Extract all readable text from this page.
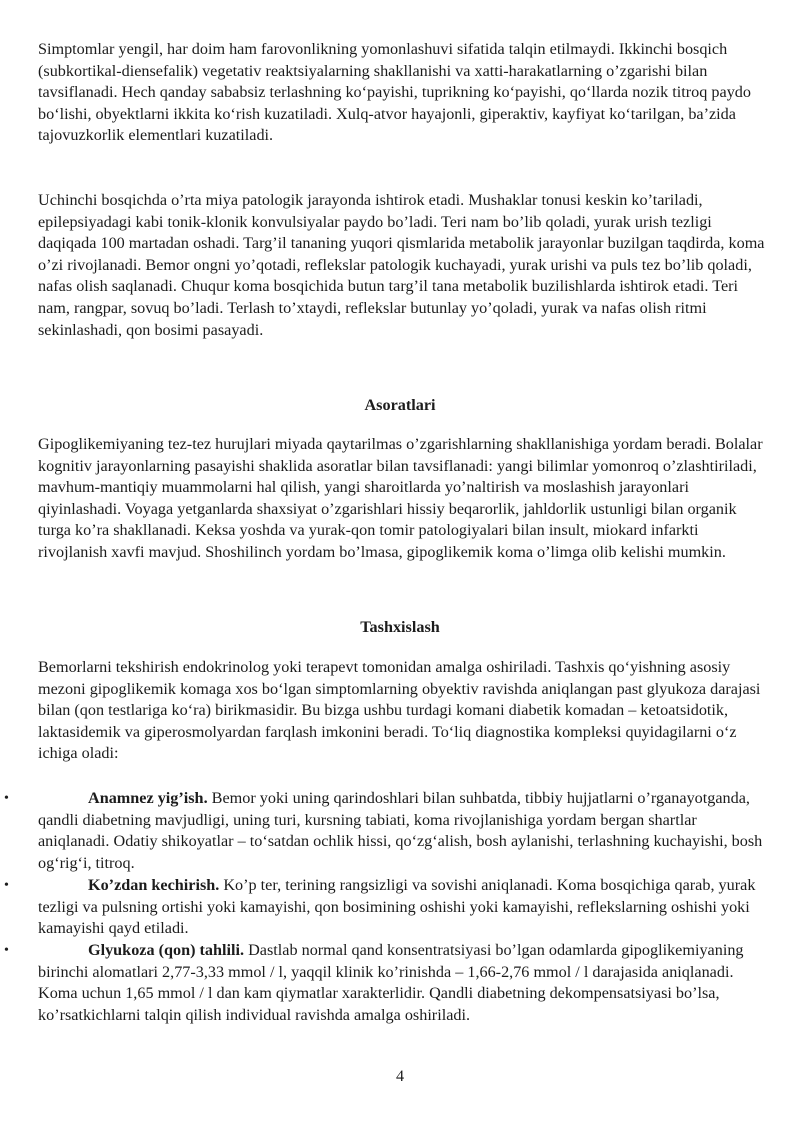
Simptomlar yengil, har doim ham farovonlikning yomonlashuvi sifatida talqin etilmaydi. Ikkinchi bosqich (subkortikal-diensefalik) vegetativ reaktsiyalarning shakllanishi va xatti-harakatlarning o’zgarishi bilan tavsiflanadi. Hech qanday sababsiz terlashning koʻpayishi, tuprikning koʻpayishi, qoʻllarda nozik titroq paydo boʻlishi, obyektlarni ikkita koʻrish kuzatiladi. Xulq-atvor hayajonli, giperaktiv, kayfiyat koʻtarilgan, baʼzida tajovuzkorlik elementlari kuzatiladi.

Uchinchi bosqichda o’rta miya patologik jarayonda ishtirok etadi. Mushaklar tonusi keskin ko’tariladi, epilepsiyadagi kabi tonik-klonik konvulsiyalar paydo bo’ladi. Teri nam bo’lib qoladi, yurak urish tezligi daqiqada 100 martadan oshadi. Targ’il tananing yuqori qismlarida metabolik jarayonlar buzilgan taqdirda, koma o’zi rivojlanadi. Bemor ongni yo’qotadi, reflekslar patologik kuchayadi, yurak urishi va puls tez bo’lib qoladi, nafas olish saqlanadi. Chuqur koma bosqichida butun targ’il tana metabolik buzilishlarda ishtirok etadi. Teri nam, rangpar, sovuq boʼladi. Terlash to’xtaydi, reflekslar butunlay yo’qoladi, yurak va nafas olish ritmi sekinlashadi, qon bosimi pasayadi.

Asoratlari

Gipoglikemiyaning tez-tez hurujlari miyada qaytarilmas o’zgarishlarning shakllanishiga yordam beradi. Bolalar kognitiv jarayonlarning pasayishi shaklida asoratlar bilan tavsiflanadi: yangi bilimlar yomonroq o’zlashtiriladi, mavhum-mantiqiy muammolarni hal qilish, yangi sharoitlarda yo’naltirish va moslashish jarayonlari qiyinlashadi. Voyaga yetganlarda shaxsiyat o’zgarishlari hissiy beqarorlik, jahldorlik ustunligi bilan organik turga ko’ra shakllanadi. Keksa yoshda va yurak-qon tomir patologiyalari bilan insult, miokard infarkti rivojlanish xavfi mavjud. Shoshilinch yordam bo’lmasa, gipoglikemik koma o’limga olib kelishi mumkin.

Tashxislash

Bemorlarni tekshirish endokrinolog yoki terapevt tomonidan amalga oshiriladi. Tashxis qoʻyishning asosiy mezoni gipoglikemik komaga xos boʻlgan simptomlarning obyektiv ravishda aniqlangan past glyukoza darajasi bilan (qon testlariga koʻra) birikmasidir. Bu bizga ushbu turdagi komani diabetik komadan – ketoatsidotik, laktasidemik va giperosmolyardan farqlash imkonini beradi. Toʻliq diagnostika kompleksi quyidagilarni oʻz ichiga oladi:

•	Anamnez yig’ish. Bemor yoki uning qarindoshlari bilan suhbatda, tibbiy hujjatlarni o’rganayotganda, qandli diabetning mavjudligi, uning turi, kursning tabiati, koma rivojlanishiga yordam bergan shartlar aniqlanadi. Odatiy shikoyatlar – toʻsatdan ochlik hissi, qoʻzgʻalish, bosh aylanishi, terlashning kuchayishi, bosh ogʻrigʻi, titroq.
•	Ko’zdan kechirish. Ko’p ter, terining rangsizligi va sovishi aniqlanadi. Koma bosqichiga qarab, yurak tezligi va pulsning ortishi yoki kamayishi, qon bosimining oshishi yoki kamayishi, reflekslarning oshishi yoki kamayishi qayd etiladi.
•	Glyukoza (qon) tahlili. Dastlab normal qand konsentratsiyasi bo’lgan odamlarda gipoglikemiyaning birinchi alomatlari 2,77-3,33 mmol / l, yaqqil klinik ko’rinishda – 1,66-2,76 mmol / l darajasida aniqlanadi. Koma uchun 1,65 mmol / l dan kam qiymatlar xarakterlidir. Qandli diabetning dekompensatsiyasi bo’lsa, ko’rsatkichlarni talqin qilish individual ravishda amalga oshiriladi.
4
